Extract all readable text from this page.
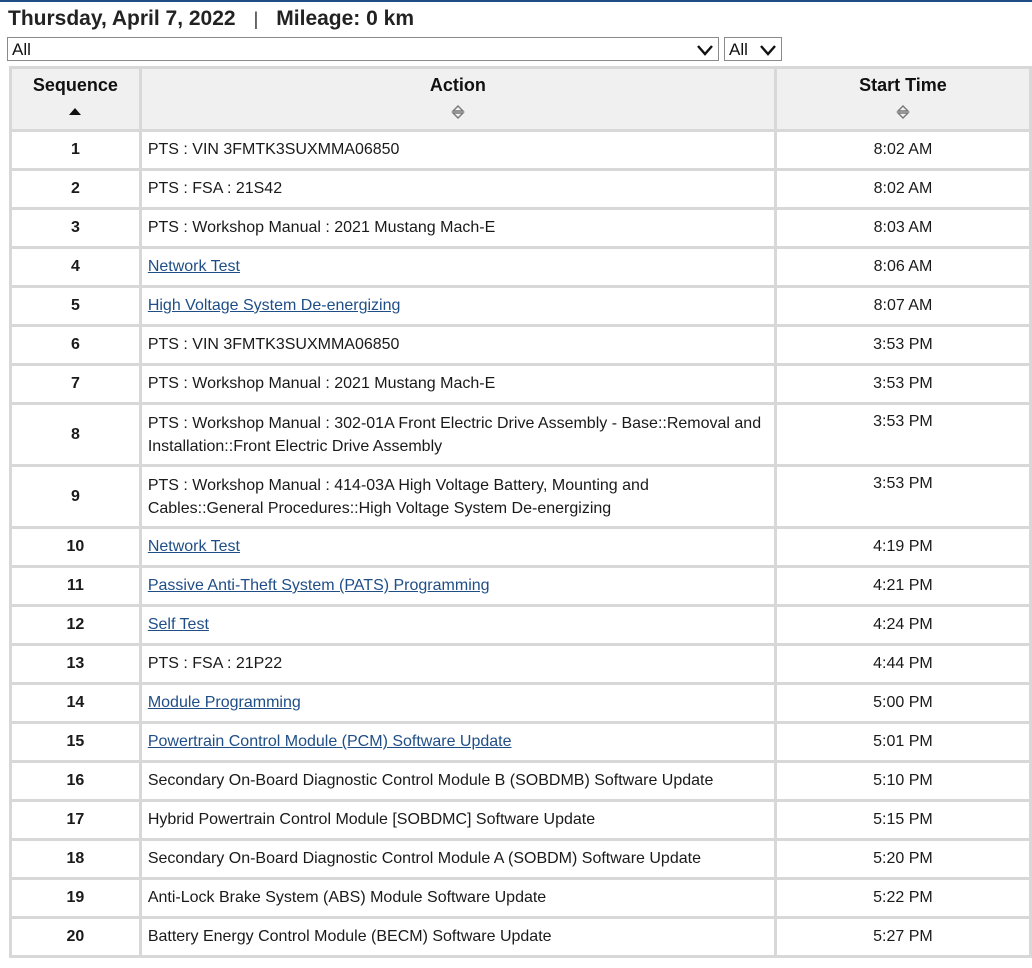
Thursday, April 7, 2022 | Mileage: 0 km
All	All
Sequence	Action	Start Time

1	PTS : VIN 3FMTK3SUXMMA06850	8:02 AM
2	PTS : FSA : 21S42	8:02 AM
3	PTS : Workshop Manual : 2021 Mustang Mach-E	8:03 AM
4	Network Test	8:06 AM
5	High Voltage System De-energizing	8:07 AM
6	PTS : VIN 3FMTK3SUXMMA06850	3:53 PM
7	PTS : Workshop Manual : 2021 Mustang Mach-E	3:53 PM
8	PTS : Workshop Manual : 302-01A Front Electric Drive Assembly - Base::Removal and Installation::Front Electric Drive Assembly	3:53 PM
9	PTS : Workshop Manual : 414-03A High Voltage Battery, Mounting and Cables::General Procedures::High Voltage System De-energizing	3:53 PM
10	Network Test	4:19 PM
11	Passive Anti-Theft System (PATS) Programming	4:21 PM
12	Self Test	4:24 PM
13	PTS : FSA : 21P22	4:44 PM
14	Module Programming	5:00 PM
15	Powertrain Control Module (PCM) Software Update	5:01 PM
16	Secondary On-Board Diagnostic Control Module B (SOBDMB) Software Update	5:10 PM
17	Hybrid Powertrain Control Module [SOBDMC] Software Update	5:15 PM
18	Secondary On-Board Diagnostic Control Module A (SOBDM) Software Update	5:20 PM
19	Anti-Lock Brake System (ABS) Module Software Update	5:22 PM
20	Battery Energy Control Module (BECM) Software Update	5:27 PM
